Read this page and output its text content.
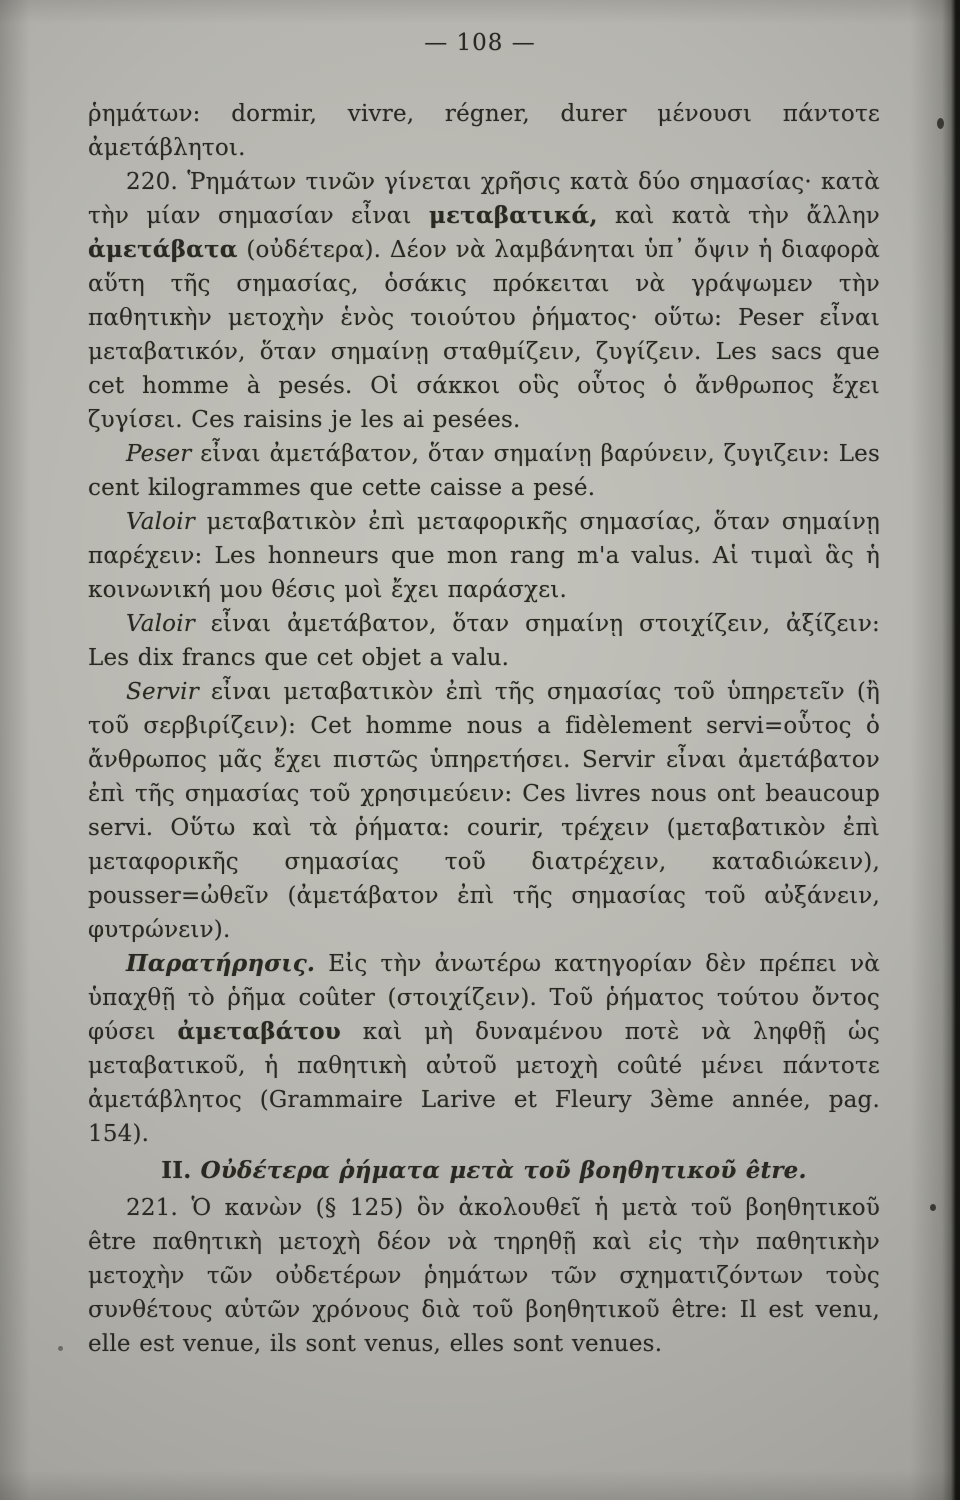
— 108 —

ῥημάτων: dormir, vivre, régner, durer μένουσι πάντοτε ἀμετάβλητοι.

220. Ῥημάτων τινῶν γίνεται χρῆσις κατὰ δύο σημασίας· κατὰ τὴν μίαν σημασίαν εἶναι μεταβατικά, καὶ κατὰ τὴν ἄλλην ἀμετάβατα (οὐδέτερα). Δέον νὰ λαμβάνηται ὑπ᾽ ὄψιν ἡ διαφορὰ αὕτη τῆς σημασίας, ὁσάκις πρόκειται νὰ γράψωμεν τὴν παθητικὴν μετοχὴν ἑνὸς τοιούτου ῥήματος· οὕτω: Peser εἶναι μεταβατικόν, ὅταν σημαίνῃ σταθμίζειν, ζυγίζειν. Les sacs que cet homme à pesés. Οἱ σάκκοι οὓς οὗτος ὁ ἄνθρωπος ἔχει ζυγίσει. Ces raisins je les ai pesées.

Peser εἶναι ἀμετάβατον, ὅταν σημαίνῃ βαρύνειν, ζυγιζειν: Les cent kilogrammes que cette caisse a pesé.

Valoir μεταβατικὸν ἐπὶ μεταφορικῆς σημασίας, ὅταν σημαίνῃ παρέχειν: Les honneurs que mon rang m'a valus. Αἱ τιμαὶ ἃς ἡ κοινωνική μου θέσις μοὶ ἔχει παράσχει.

Valoir εἶναι ἀμετάβατον, ὅταν σημαίνῃ στοιχίζειν, ἀξίζειν: Les dix francs que cet objet a valu.

Servir εἶναι μεταβατικὸν ἐπὶ τῆς σημασίας τοῦ ὑπηρετεῖν (ἢ τοῦ σερβιρίζειν): Cet homme nous a fidèlement servi=οὗτος ὁ ἄνθρωπος μᾶς ἔχει πιστῶς ὑπηρετήσει. Servir εἶναι ἀμετάβατον ἐπὶ τῆς σημασίας τοῦ χρησιμεύειν: Ces livres nous ont beaucoup servi. Οὕτω καὶ τὰ ῥήματα: courir, τρέχειν (μεταβατικὸν ἐπὶ μεταφορικῆς σημασίας τοῦ διατρέχειν, καταδιώκειν), pousser=ὠθεῖν (ἀμετάβατον ἐπὶ τῆς σημασίας τοῦ αὐξάνειν, φυτρώνειν).

Παρατήρησις. Εἰς τὴν ἀνωτέρω κατηγορίαν δὲν πρέπει νὰ ὑπαχθῇ τὸ ῥῆμα coûter (στοιχίζειν). Τοῦ ῥήματος τούτου ὄντος φύσει ἀμεταβάτου καὶ μὴ δυναμένου ποτὲ νὰ ληφθῇ ὡς μεταβατικοῦ, ἡ παθητικὴ αὐτοῦ μετοχὴ coûté μένει πάντοτε ἀμετάβλητος (Grammaire Larive et Fleury 3ème année, pag. 154).

II. Οὐδέτερα ῥήματα μετὰ τοῦ βοηθητικοῦ être.

221. Ὁ κανὼν (§ 125) ὃν ἀκολουθεῖ ἡ μετὰ τοῦ βοηθητικοῦ être παθητικὴ μετοχὴ δέον νὰ τηρηθῇ καὶ εἰς τὴν παθητικὴν μετοχὴν τῶν οὐδετέρων ῥημάτων τῶν σχηματιζόντων τοὺς συνθέτους αὑτῶν χρόνους διὰ τοῦ βοηθητικοῦ être: Il est venu, elle est venue, ils sont venus, elles sont venues.
